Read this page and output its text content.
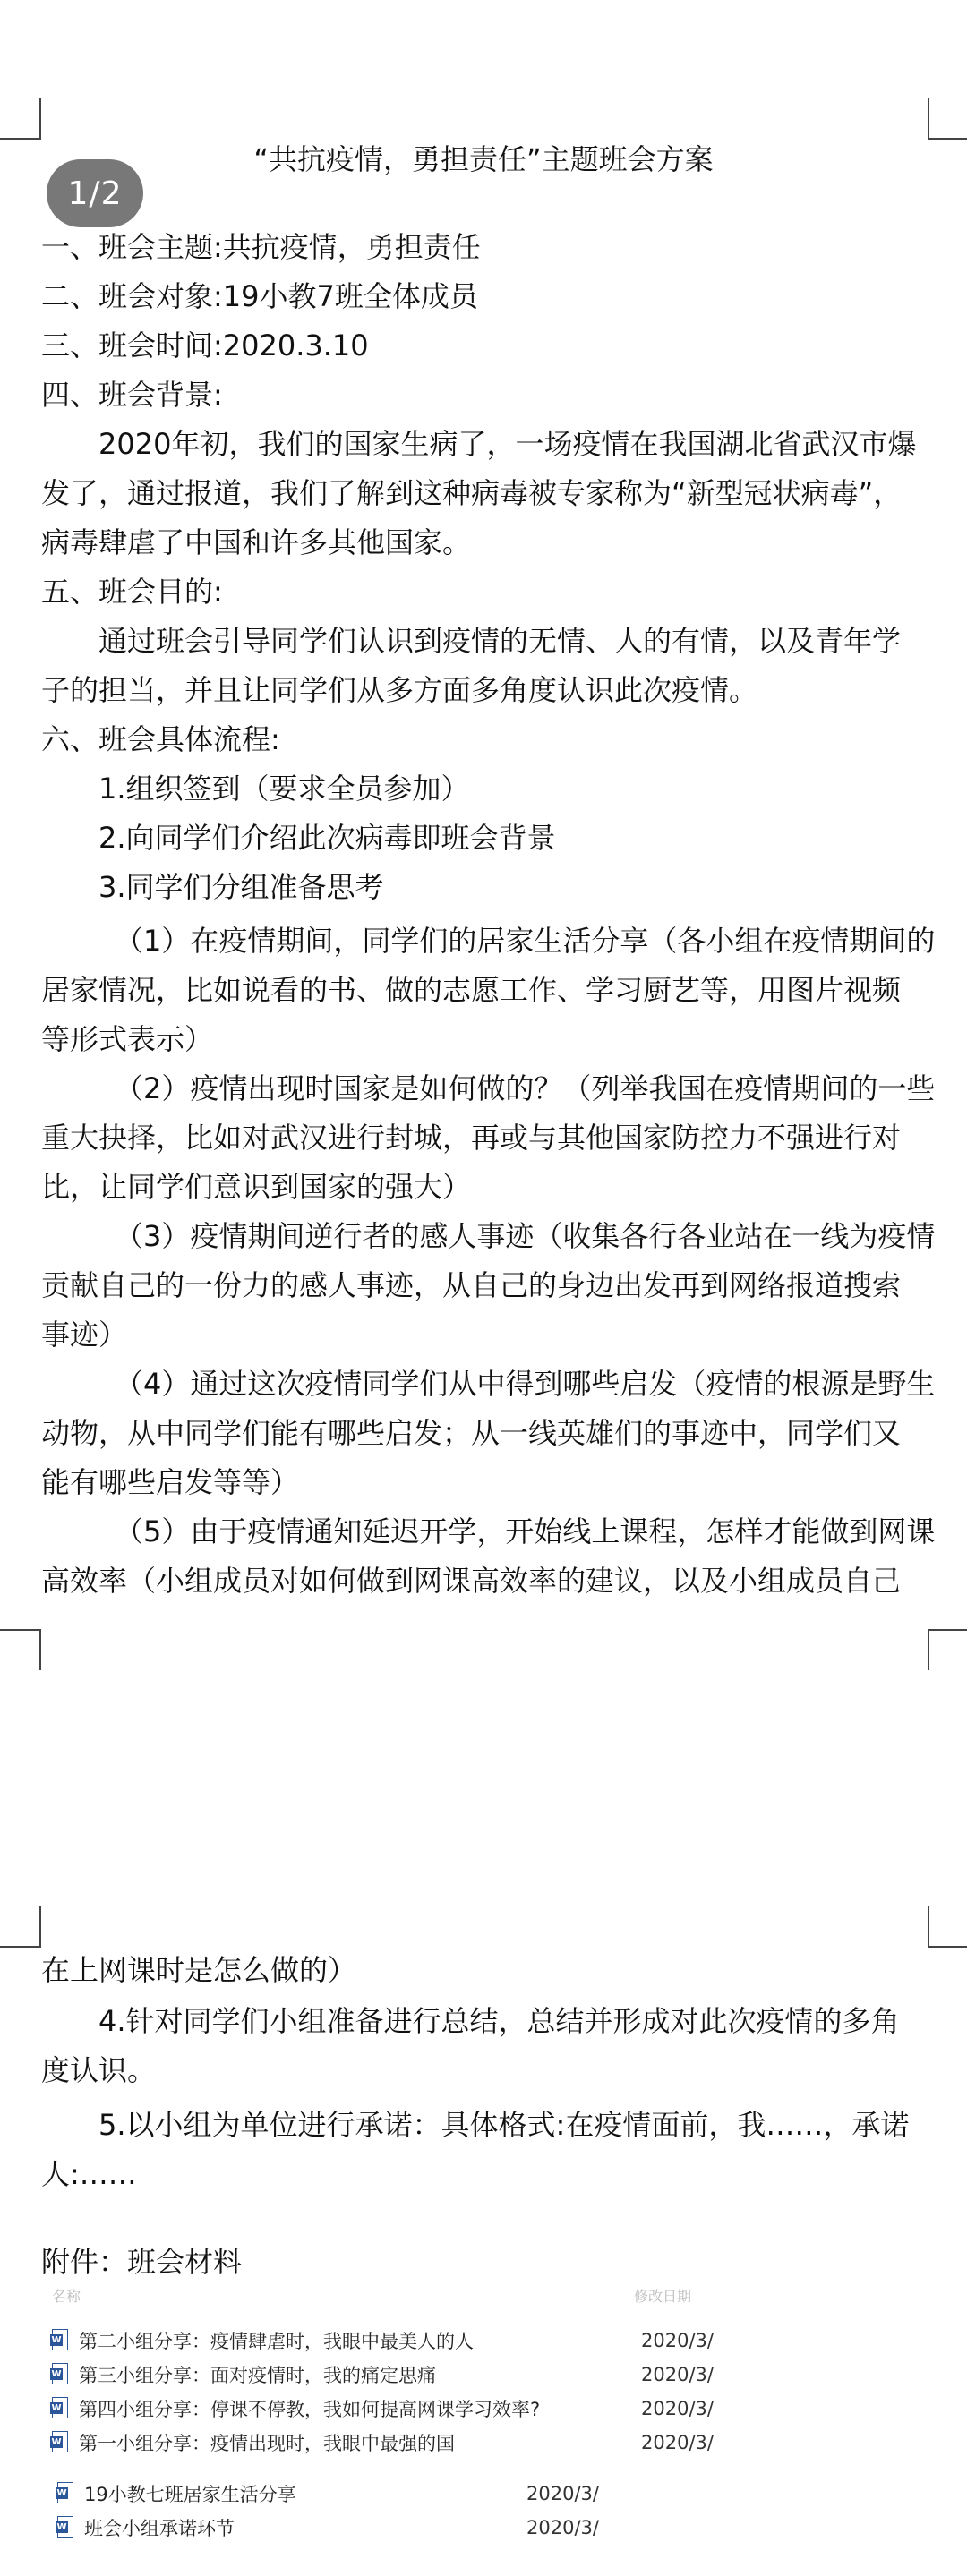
“共抗疫情，勇担责任”主题班会方案
1/2
一、班会主题:共抗疫情，勇担责任
二、班会对象:19小教7班全体成员
三、班会时间:2020.3.10
四、班会背景:
2020年初，我们的国家生病了，一场疫情在我国湖北省武汉市爆
发了，通过报道，我们了解到这种病毒被专家称为“新型冠状病毒”，
病毒肆虐了中国和许多其他国家。
五、班会目的:
通过班会引导同学们认识到疫情的无情、人的有情，以及青年学
子的担当，并且让同学们从多方面多角度认识此次疫情。
六、班会具体流程:
1.组织签到（要求全员参加）
2.向同学们介绍此次病毒即班会背景
3.同学们分组准备思考
（1）在疫情期间，同学们的居家生活分享（各小组在疫情期间的
居家情况，比如说看的书、做的志愿工作、学习厨艺等，用图片视频
等形式表示）
（2）疫情出现时国家是如何做的？（列举我国在疫情期间的一些
重大抉择，比如对武汉进行封城，再或与其他国家防控力不强进行对
比，让同学们意识到国家的强大）
（3）疫情期间逆行者的感人事迹（收集各行各业站在一线为疫情
贡献自己的一份力的感人事迹，从自己的身边出发再到网络报道搜索
事迹）
（4）通过这次疫情同学们从中得到哪些启发（疫情的根源是野生
动物，从中同学们能有哪些启发；从一线英雄们的事迹中，同学们又
能有哪些启发等等）
（5）由于疫情通知延迟开学，开始线上课程，怎样才能做到网课
高效率（小组成员对如何做到网课高效率的建议，以及小组成员自己
在上网课时是怎么做的）
4.针对同学们小组准备进行总结，总结并形成对此次疫情的多角
度认识。
5.以小组为单位进行承诺：具体格式:在疫情面前，我……，承诺
人:……
附件：班会材料
名称	修改日期
W 第二小组分享：疫情肆虐时，我眼中最美人的人	2020/3/
W 第三小组分享：面对疫情时，我的痛定思痛	2020/3/
W 第四小组分享：停课不停教，我如何提高网课学习效率?	2020/3/
W 第一小组分享：疫情出现时，我眼中最强的国	2020/3/
W 19小教七班居家生活分享	2020/3/
W 班会小组承诺环节	2020/3/
